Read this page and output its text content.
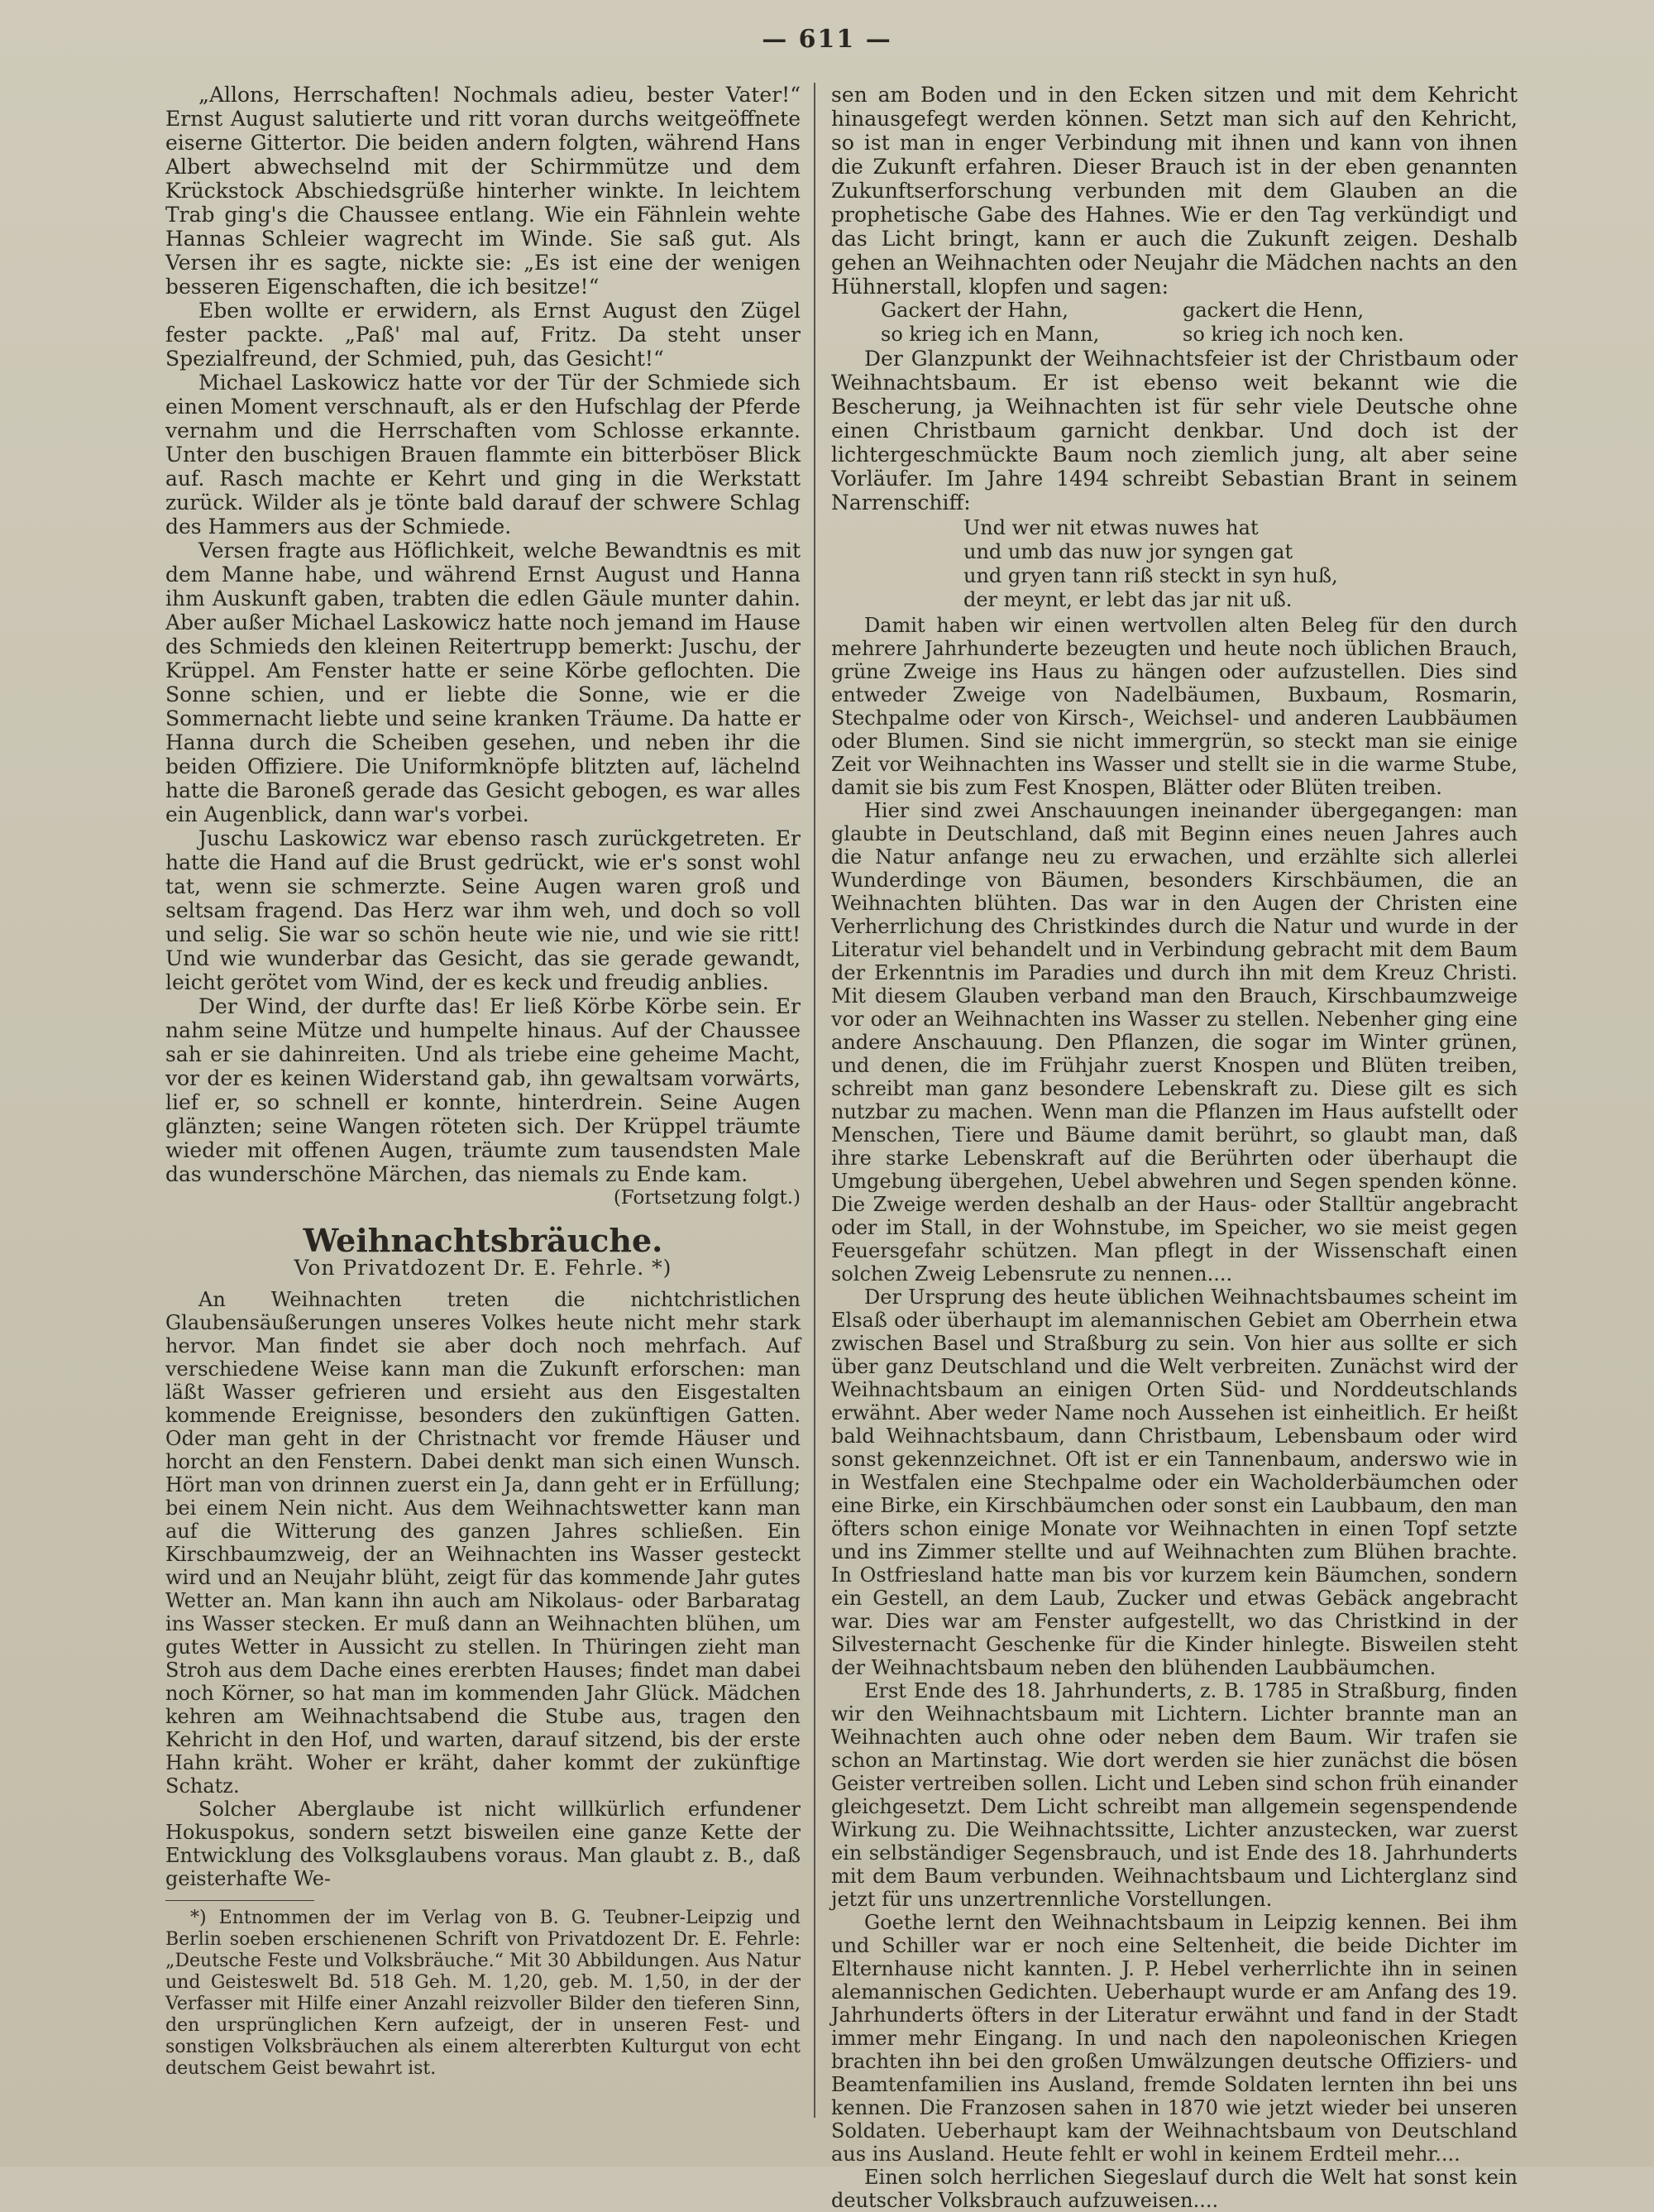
— 611 —

„Allons, Herrschaften! Nochmals adieu, bester Vater!“ Ernst August salutierte und ritt voran durchs weitgeöffnete eiserne Gittertor. Die beiden andern folgten, während Hans Albert abwechselnd mit der Schirmmütze und dem Krückstock Abschiedsgrüße hinterher winkte. In leichtem Trab ging's die Chaussee entlang. Wie ein Fähnlein wehte Hannas Schleier wagrecht im Winde. Sie saß gut. Als Versen ihr es sagte, nickte sie: „Es ist eine der wenigen besseren Eigenschaften, die ich besitze!“

Eben wollte er erwidern, als Ernst August den Zügel fester packte. „Paß' mal auf, Fritz. Da steht unser Spezialfreund, der Schmied, puh, das Gesicht!“

Michael Laskowicz hatte vor der Tür der Schmiede sich einen Moment verschnauft, als er den Hufschlag der Pferde vernahm und die Herrschaften vom Schlosse erkannte. Unter den buschigen Brauen flammte ein bitterböser Blick auf. Rasch machte er Kehrt und ging in die Werkstatt zurück. Wilder als je tönte bald darauf der schwere Schlag des Hammers aus der Schmiede.

Versen fragte aus Höflichkeit, welche Bewandtnis es mit dem Manne habe, und während Ernst August und Hanna ihm Auskunft gaben, trabten die edlen Gäule munter dahin. Aber außer Michael Laskowicz hatte noch jemand im Hause des Schmieds den kleinen Reitertrupp bemerkt: Juschu, der Krüppel. Am Fenster hatte er seine Körbe geflochten. Die Sonne schien, und er liebte die Sonne, wie er die Sommernacht liebte und seine kranken Träume. Da hatte er Hanna durch die Scheiben gesehen, und neben ihr die beiden Offiziere. Die Uniformknöpfe blitzten auf, lächelnd hatte die Baroneß gerade das Gesicht gebogen, es war alles ein Augenblick, dann war's vorbei.

Juschu Laskowicz war ebenso rasch zurückgetreten. Er hatte die Hand auf die Brust gedrückt, wie er's sonst wohl tat, wenn sie schmerzte. Seine Augen waren groß und seltsam fragend. Das Herz war ihm weh, und doch so voll und selig. Sie war so schön heute wie nie, und wie sie ritt! Und wie wunderbar das Gesicht, das sie gerade gewandt, leicht gerötet vom Wind, der es keck und freudig anblies.

Der Wind, der durfte das! Er ließ Körbe Körbe sein. Er nahm seine Mütze und humpelte hinaus. Auf der Chaussee sah er sie dahinreiten. Und als triebe eine geheime Macht, vor der es keinen Widerstand gab, ihn gewaltsam vorwärts, lief er, so schnell er konnte, hinterdrein. Seine Augen glänzten; seine Wangen röteten sich. Der Krüppel träumte wieder mit offenen Augen, träumte zum tausendsten Male das wunderschöne Märchen, das niemals zu Ende kam.

(Fortsetzung folgt.)
Weihnachtsbräuche.
Von Privatdozent Dr. E. Fehrle. *)

An Weihnachten treten die nichtchristlichen Glaubensäußerungen unseres Volkes heute nicht mehr stark hervor. Man findet sie aber doch noch mehrfach. Auf verschiedene Weise kann man die Zukunft erforschen: man läßt Wasser gefrieren und ersieht aus den Eisgestalten kommende Ereignisse, besonders den zukünftigen Gatten. Oder man geht in der Christnacht vor fremde Häuser und horcht an den Fenstern. Dabei denkt man sich einen Wunsch. Hört man von drinnen zuerst ein Ja, dann geht er in Erfüllung; bei einem Nein nicht. Aus dem Weihnachtswetter kann man auf die Witterung des ganzen Jahres schließen. Ein Kirschbaumzweig, der an Weihnachten ins Wasser gesteckt wird und an Neujahr blüht, zeigt für das kommende Jahr gutes Wetter an. Man kann ihn auch am Nikolaus- oder Barbaratag ins Wasser stecken. Er muß dann an Weihnachten blühen, um gutes Wetter in Aussicht zu stellen. In Thüringen zieht man Stroh aus dem Dache eines ererbten Hauses; findet man dabei noch Körner, so hat man im kommenden Jahr Glück. Mädchen kehren am Weihnachtsabend die Stube aus, tragen den Kehricht in den Hof, und warten, darauf sitzend, bis der erste Hahn kräht. Woher er kräht, daher kommt der zukünftige Schatz.

Solcher Aberglaube ist nicht willkürlich erfundener Hokuspokus, sondern setzt bisweilen eine ganze Kette der Entwicklung des Volksglaubens voraus. Man glaubt z. B., daß geisterhafte We-

*) Entnommen der im Verlag von B. G. Teubner-Leipzig und Berlin soeben erschienenen Schrift von Privatdozent Dr. E. Fehrle: „Deutsche Feste und Volksbräuche.“ Mit 30 Abbildungen. Aus Natur und Geisteswelt Bd. 518 Geh. M. 1,20, geb. M. 1,50, in der der Verfasser mit Hilfe einer Anzahl reizvoller Bilder den tieferen Sinn, den ursprünglichen Kern aufzeigt, der in unseren Fest- und sonstigen Volksbräuchen als einem altererbten Kulturgut von echt deutschem Geist bewahrt ist.

sen am Boden und in den Ecken sitzen und mit dem Kehricht hinausgefegt werden können. Setzt man sich auf den Kehricht, so ist man in enger Verbindung mit ihnen und kann von ihnen die Zukunft erfahren. Dieser Brauch ist in der eben genannten Zukunftserforschung verbunden mit dem Glauben an die prophetische Gabe des Hahnes. Wie er den Tag verkündigt und das Licht bringt, kann er auch die Zukunft zeigen. Deshalb gehen an Weihnachten oder Neujahr die Mädchen nachts an den Hühnerstall, klopfen und sagen:

Gackert der Hahn,	gackert die Henn,
so krieg ich en Mann,	so krieg ich noch ken.

Der Glanzpunkt der Weihnachtsfeier ist der Christbaum oder Weihnachtsbaum. Er ist ebenso weit bekannt wie die Bescherung, ja Weihnachten ist für sehr viele Deutsche ohne einen Christbaum garnicht denkbar. Und doch ist der lichtergeschmückte Baum noch ziemlich jung, alt aber seine Vorläufer. Im Jahre 1494 schreibt Sebastian Brant in seinem Narrenschiff:

Und wer nit etwas nuwes hat
und umb das nuw jor syngen gat
und gryen tann riß steckt in syn huß,
der meynt, er lebt das jar nit uß.

Damit haben wir einen wertvollen alten Beleg für den durch mehrere Jahrhunderte bezeugten und heute noch üblichen Brauch, grüne Zweige ins Haus zu hängen oder aufzustellen. Dies sind entweder Zweige von Nadelbäumen, Buxbaum, Rosmarin, Stechpalme oder von Kirsch-, Weichsel- und anderen Laubbäumen oder Blumen. Sind sie nicht immergrün, so steckt man sie einige Zeit vor Weihnachten ins Wasser und stellt sie in die warme Stube, damit sie bis zum Fest Knospen, Blätter oder Blüten treiben.

Hier sind zwei Anschauungen ineinander übergegangen: man glaubte in Deutschland, daß mit Beginn eines neuen Jahres auch die Natur anfange neu zu erwachen, und erzählte sich allerlei Wunderdinge von Bäumen, besonders Kirschbäumen, die an Weihnachten blühten. Das war in den Augen der Christen eine Verherrlichung des Christkindes durch die Natur und wurde in der Literatur viel behandelt und in Verbindung gebracht mit dem Baum der Erkenntnis im Paradies und durch ihn mit dem Kreuz Christi. Mit diesem Glauben verband man den Brauch, Kirschbaumzweige vor oder an Weihnachten ins Wasser zu stellen. Nebenher ging eine andere Anschauung. Den Pflanzen, die sogar im Winter grünen, und denen, die im Frühjahr zuerst Knospen und Blüten treiben, schreibt man ganz besondere Lebenskraft zu. Diese gilt es sich nutzbar zu machen. Wenn man die Pflanzen im Haus aufstellt oder Menschen, Tiere und Bäume damit berührt, so glaubt man, daß ihre starke Lebenskraft auf die Berührten oder überhaupt die Umgebung übergehen, Uebel abwehren und Segen spenden könne. Die Zweige werden deshalb an der Haus- oder Stalltür angebracht oder im Stall, in der Wohnstube, im Speicher, wo sie meist gegen Feuersgefahr schützen. Man pflegt in der Wissenschaft einen solchen Zweig Lebensrute zu nennen....

Der Ursprung des heute üblichen Weihnachtsbaumes scheint im Elsaß oder überhaupt im alemannischen Gebiet am Oberrhein etwa zwischen Basel und Straßburg zu sein. Von hier aus sollte er sich über ganz Deutschland und die Welt verbreiten. Zunächst wird der Weihnachtsbaum an einigen Orten Süd- und Norddeutschlands erwähnt. Aber weder Name noch Aussehen ist einheitlich. Er heißt bald Weihnachtsbaum, dann Christbaum, Lebensbaum oder wird sonst gekennzeichnet. Oft ist er ein Tannenbaum, anderswo wie in in Westfalen eine Stechpalme oder ein Wacholderbäumchen oder eine Birke, ein Kirschbäumchen oder sonst ein Laubbaum, den man öfters schon einige Monate vor Weihnachten in einen Topf setzte und ins Zimmer stellte und auf Weihnachten zum Blühen brachte. In Ostfriesland hatte man bis vor kurzem kein Bäumchen, sondern ein Gestell, an dem Laub, Zucker und etwas Gebäck angebracht war. Dies war am Fenster aufgestellt, wo das Christkind in der Silvesternacht Geschenke für die Kinder hinlegte. Bisweilen steht der Weihnachtsbaum neben den blühenden Laubbäumchen.

Erst Ende des 18. Jahrhunderts, z. B. 1785 in Straßburg, finden wir den Weihnachtsbaum mit Lichtern. Lichter brannte man an Weihnachten auch ohne oder neben dem Baum. Wir trafen sie schon an Martinstag. Wie dort werden sie hier zunächst die bösen Geister vertreiben sollen. Licht und Leben sind schon früh einander gleichgesetzt. Dem Licht schreibt man allgemein segenspendende Wirkung zu. Die Weihnachtssitte, Lichter anzustecken, war zuerst ein selbständiger Segensbrauch, und ist Ende des 18. Jahrhunderts mit dem Baum verbunden. Weihnachtsbaum und Lichterglanz sind jetzt für uns unzertrennliche Vorstellungen.

Goethe lernt den Weihnachtsbaum in Leipzig kennen. Bei ihm und Schiller war er noch eine Seltenheit, die beide Dichter im Elternhause nicht kannten. J. P. Hebel verherrlichte ihn in seinen alemannischen Gedichten. Ueberhaupt wurde er am Anfang des 19. Jahrhunderts öfters in der Literatur erwähnt und fand in der Stadt immer mehr Eingang. In und nach den napoleonischen Kriegen brachten ihn bei den großen Umwälzungen deutsche Offiziers- und Beamtenfamilien ins Ausland, fremde Soldaten lernten ihn bei uns kennen. Die Franzosen sahen in 1870 wie jetzt wieder bei unseren Soldaten. Ueberhaupt kam der Weihnachtsbaum von Deutschland aus ins Ausland. Heute fehlt er wohl in keinem Erdteil mehr....

Einen solch herrlichen Siegeslauf durch die Welt hat sonst kein deutscher Volksbrauch aufzuweisen....
